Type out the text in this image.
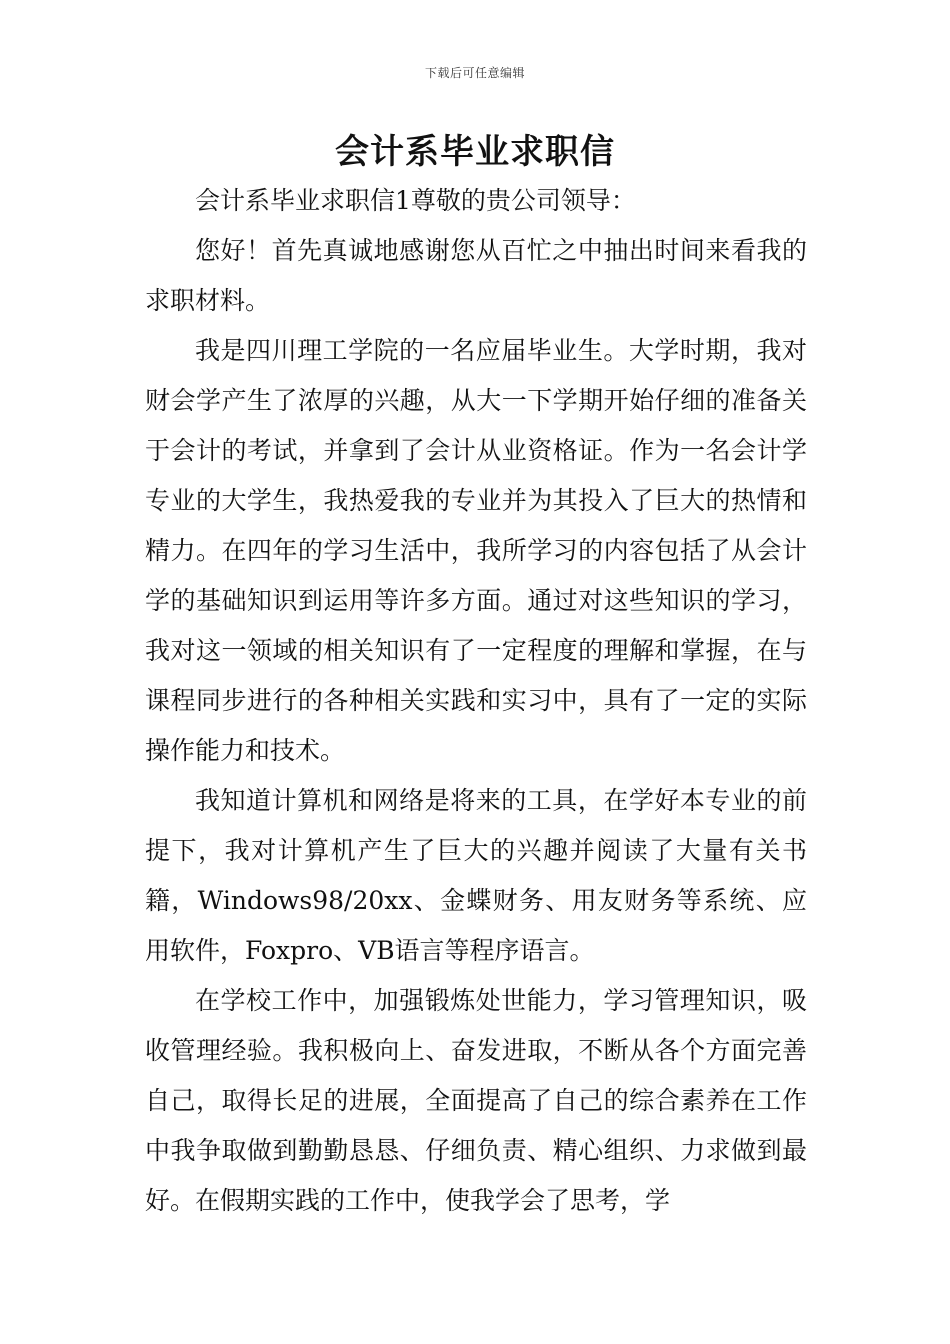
下载后可任意编辑
会计系毕业求职信

会计系毕业求职信1尊敬的贵公司领导：

您好！首先真诚地感谢您从百忙之中抽出时间来看我的求职材料。

我是四川理工学院的一名应届毕业生。大学时期，我对财会学产生了浓厚的兴趣，从大一下学期开始仔细的准备关于会计的考试，并拿到了会计从业资格证。作为一名会计学专业的大学生，我热爱我的专业并为其投入了巨大的热情和精力。在四年的学习生活中，我所学习的内容包括了从会计学的基础知识到运用等许多方面。通过对这些知识的学习，我对这一领域的相关知识有了一定程度的理解和掌握，在与课程同步进行的各种相关实践和实习中，具有了一定的实际操作能力和技术。

我知道计算机和网络是将来的工具，在学好本专业的前提下，我对计算机产生了巨大的兴趣并阅读了大量有关书籍，Windows98/20xx、金蝶财务、用友财务等系统、应用软件，Foxpro、VB语言等程序语言。

在学校工作中，加强锻炼处世能力，学习管理知识，吸收管理经验。我积极向上、奋发进取，不断从各个方面完善自己，取得长足的进展，全面提高了自己的综合素养在工作中我争取做到勤勤恳恳、仔细负责、精心组织、力求做到最好。在假期实践的工作中，使我学会了思考，学
